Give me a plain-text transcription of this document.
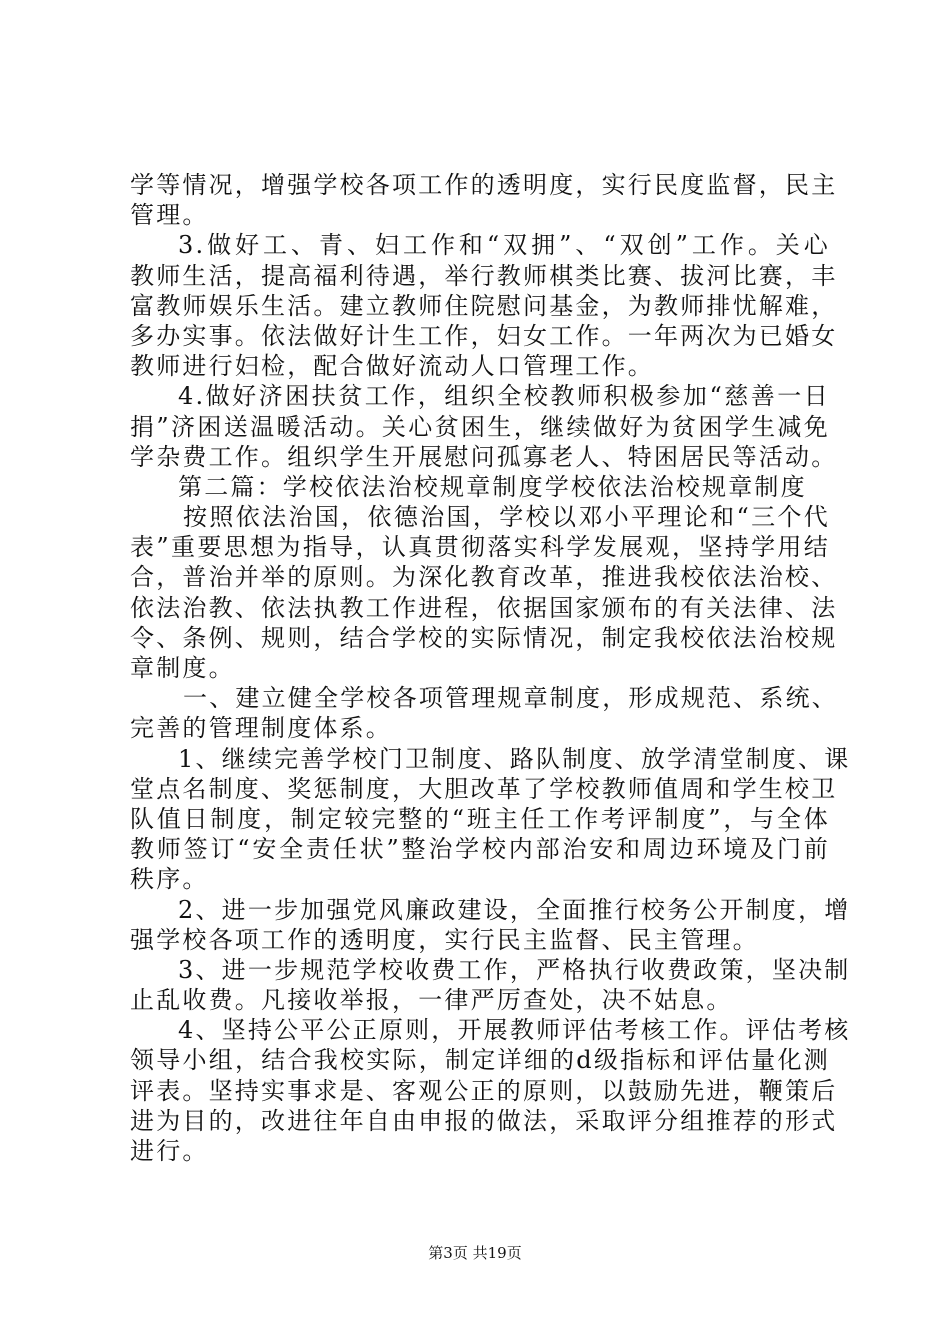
学等情况，增强学校各项工作的透明度，实行民度监督，民主
管理。
3.做好工、青、妇工作和“双拥”、“双创”工作。关心
教师生活，提高福利待遇，举行教师棋类比赛、拔河比赛，丰
富教师娱乐生活。建立教师住院慰问基金，为教师排忧解难，
多办实事。依法做好计生工作，妇女工作。一年两次为已婚女
教师进行妇检，配合做好流动人口管理工作。
4.做好济困扶贫工作，组织全校教师积极参加“慈善一日
捐”济困送温暖活动。关心贫困生，继续做好为贫困学生减免
学杂费工作。组织学生开展慰问孤寡老人、特困居民等活动。
第二篇：学校依法治校规章制度学校依法治校规章制度
按照依法治国，依德治国，学校以邓小平理论和“三个代
表”重要思想为指导，认真贯彻落实科学发展观，坚持学用结
合，普治并举的原则。为深化教育改革，推进我校依法治校、
依法治教、依法执教工作进程，依据国家颁布的有关法律、法
令、条例、规则，结合学校的实际情况，制定我校依法治校规
章制度。
一、建立健全学校各项管理规章制度，形成规范、系统、
完善的管理制度体系。
1、继续完善学校门卫制度、路队制度、放学清堂制度、课
堂点名制度、奖惩制度，大胆改革了学校教师值周和学生校卫
队值日制度，制定较完整的“班主任工作考评制度”，与全体
教师签订“安全责任状”整治学校内部治安和周边环境及门前
秩序。
2、进一步加强党风廉政建设，全面推行校务公开制度，增
强学校各项工作的透明度，实行民主监督、民主管理。
3、进一步规范学校收费工作，严格执行收费政策，坚决制
止乱收费。凡接收举报，一律严厉查处，决不姑息。
4、坚持公平公正原则，开展教师评估考核工作。评估考核
领导小组，结合我校实际，制定详细的d级指标和评估量化测
评表。坚持实事求是、客观公正的原则，以鼓励先进，鞭策后
进为目的，改进往年自由申报的做法，采取评分组推荐的形式
进行。
第3页 共19页
